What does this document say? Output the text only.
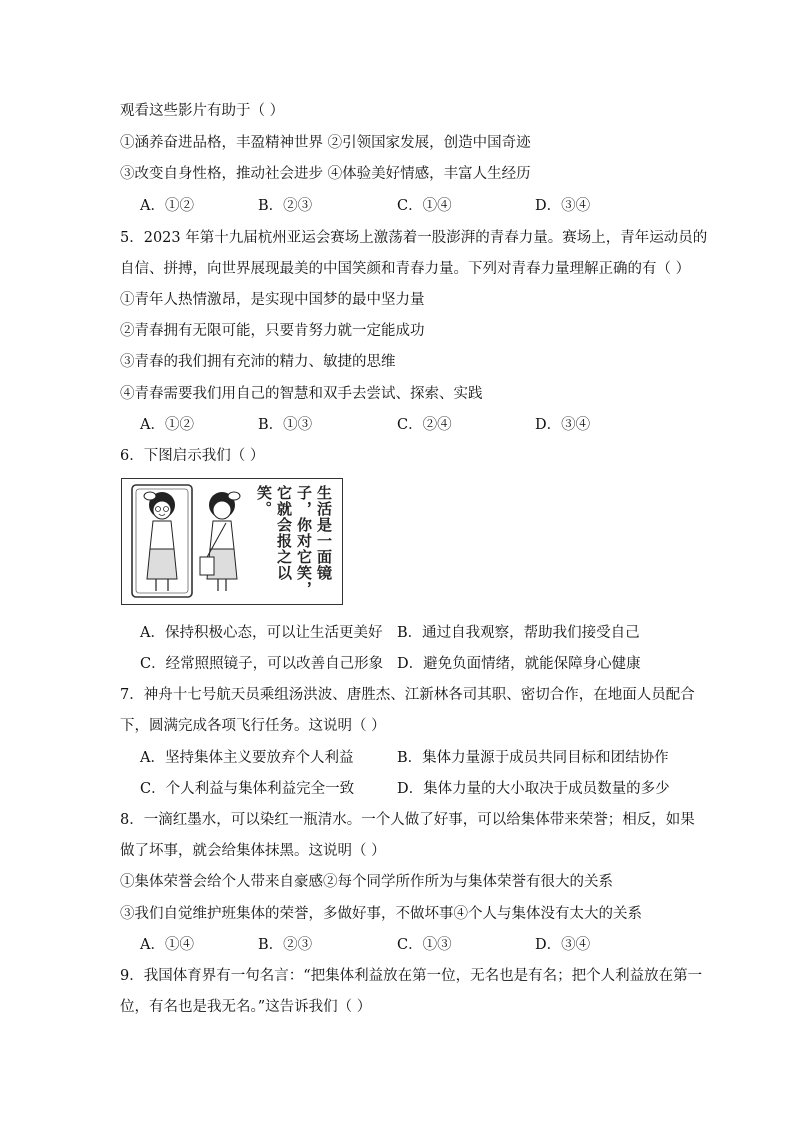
观看这些影片有助于（ ）
①涵养奋进品格，丰盈精神世界 ②引领国家发展，创造中国奇迹
③改变自身性格，推动社会进步 ④体验美好情感，丰富人生经历
A．①②	B．②③	C．①④	D．③④
5．2023 年第十九届杭州亚运会赛场上激荡着一股澎湃的青春力量。赛场上，青年运动员的
自信、拼搏，向世界展现最美的中国笑颜和青春力量。下列对青春力量理解正确的有（ ）
①青年人热情激昂，是实现中国梦的最中坚力量
②青春拥有无限可能，只要肯努力就一定能成功
③青春的我们拥有充沛的精力、敏捷的思维
④青春需要我们用自己的智慧和双手去尝试、探索、实践
A．①②	B．①③	C．②④	D．③④
6．下图启示我们（ ）
生活是一面镜子，你对它笑，它就会报之以笑。
A．保持积极心态，可以让生活更美好 B．通过自我观察，帮助我们接受自己
C．经常照照镜子，可以改善自己形象 D．避免负面情绪，就能保障身心健康
7．神舟十七号航天员乘组汤洪波、唐胜杰、江新林各司其职、密切合作，在地面人员配合
下，圆满完成各项飞行任务。这说明（ ）
A．坚持集体主义要放弃个人利益	B．集体力量源于成员共同目标和团结协作
C．个人利益与集体利益完全一致	D．集体力量的大小取决于成员数量的多少
8．一滴红墨水，可以染红一瓶清水。一个人做了好事，可以给集体带来荣誉；相反，如果
做了坏事，就会给集体抹黑。这说明（ ）
①集体荣誉会给个人带来自豪感②每个同学所作所为与集体荣誉有很大的关系
③我们自觉维护班集体的荣誉，多做好事，不做坏事④个人与集体没有太大的关系
A．①④	B．②③	C．①③	D．③④
9．我国体育界有一句名言：“把集体利益放在第一位，无名也是有名；把个人利益放在第一
位，有名也是我无名。”这告诉我们（ ）
